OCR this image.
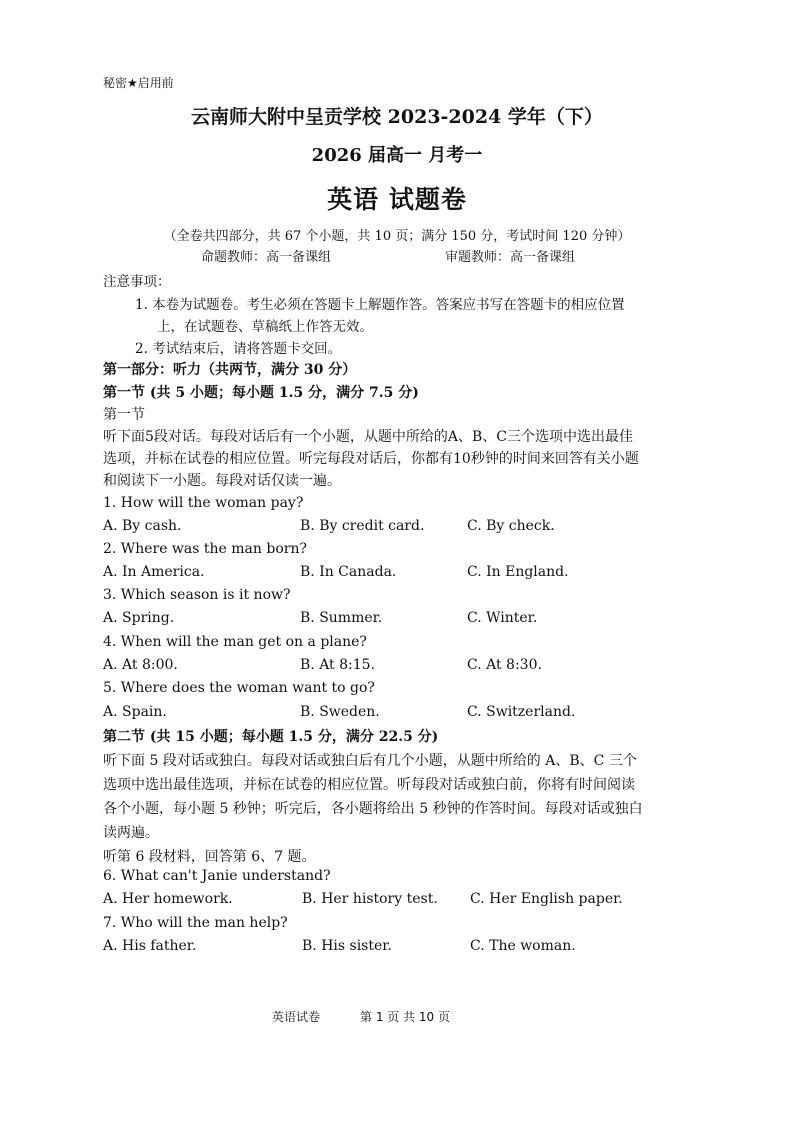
秘密★启用前
云南师大附中呈贡学校 2023-2024 学年（下）
2026 届高一 月考一
英语 试题卷
（全卷共四部分，共 67 个小题，共 10 页；满分 150 分，考试时间 120 分钟）
命题教师：高一备课组	审题教师：高一备课组
注意事项：
1. 本卷为试题卷。考生必须在答题卡上解题作答。答案应书写在答题卡的相应位置
上，在试题卷、草稿纸上作答无效。
2. 考试结束后，请将答题卡交回。
第一部分：听力（共两节，满分 30 分）
第一节 (共 5 小题；每小题 1.5 分，满分 7.5 分)
第一节
听下面5段对话。每段对话后有一个小题，从题中所给的A、B、C三个选项中选出最佳
选项，并标在试卷的相应位置。听完每段对话后，你都有10秒钟的时间来回答有关小题
和阅读下一小题。每段对话仅读一遍。
1. How will the woman pay?
A. By cash.	B. By credit card.	C. By check.
2. Where was the man born?
A. In America.	B. In Canada.	C. In England.
3. Which season is it now?
A. Spring.	B. Summer.	C. Winter.
4. When will the man get on a plane?
A. At 8:00.	B. At 8:15.	C. At 8:30.
5. Where does the woman want to go?
A. Spain.	B. Sweden.	C. Switzerland.
第二节 (共 15 小题；每小题 1.5 分，满分 22.5 分)
听下面 5 段对话或独白。每段对话或独白后有几个小题，从题中所给的 A、B、C 三个
选项中选出最佳选项，并标在试卷的相应位置。听每段对话或独白前，你将有时间阅读
各个小题，每小题 5 秒钟；听完后，各小题将给出 5 秒钟的作答时间。每段对话或独白
读两遍。
听第 6 段材料，回答第 6、7 题。
6. What can't Janie understand?
A. Her homework.	B. Her history test. C. Her English paper.
7. Who will the man help?
A. His father.	B. His sister.	C. The woman.
英语试卷	第 1 页 共 10 页
